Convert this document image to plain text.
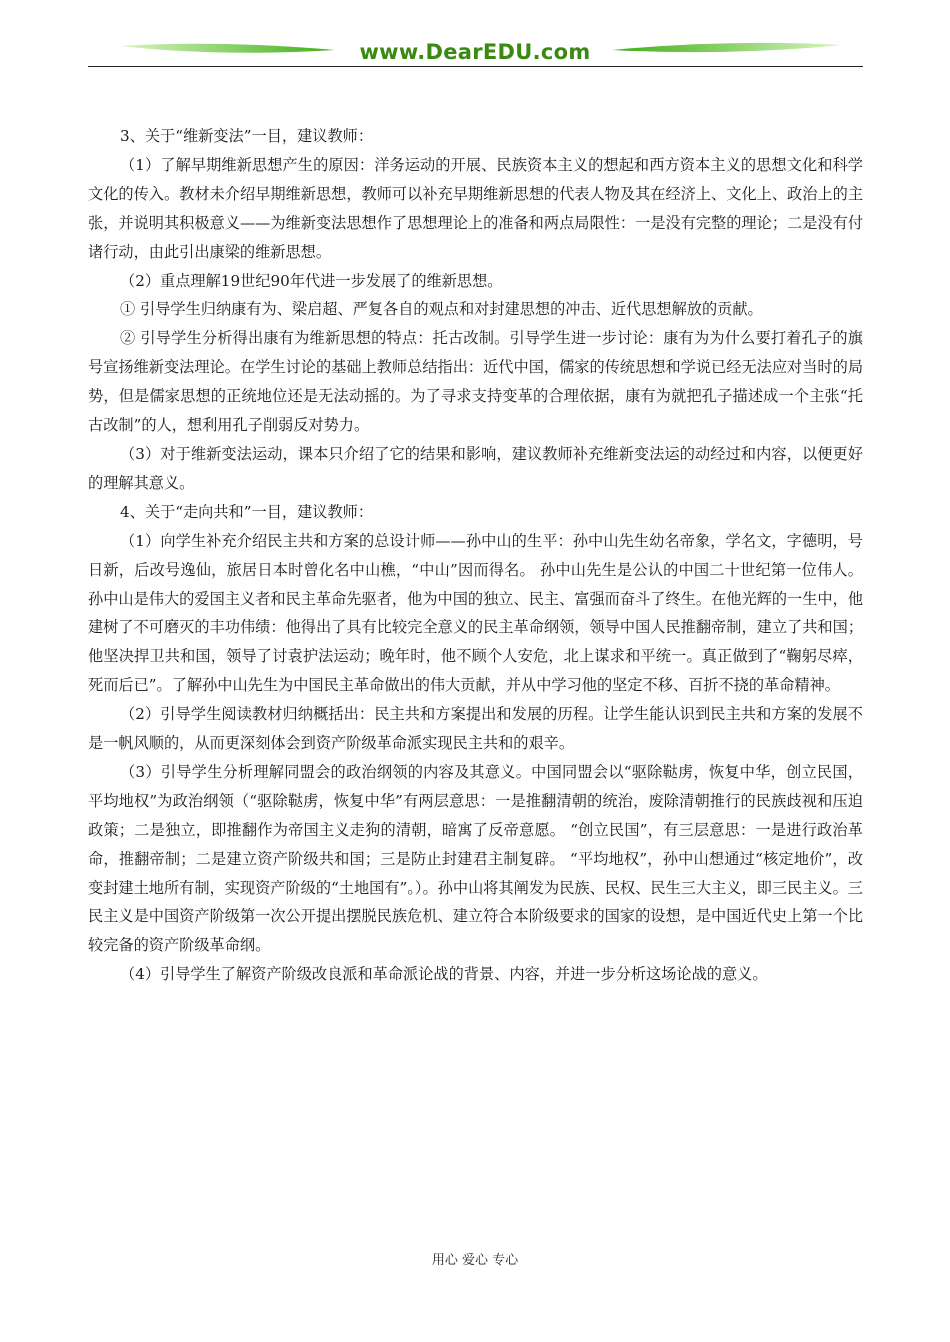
www.DearEDU.com

3、关于“维新变法”一目，建议教师：

（1）了解早期维新思想产生的原因：洋务运动的开展、民族资本主义的想起和西方资本主义的思想文化和科学文化的传入。教材未介绍早期维新思想，教师可以补充早期维新思想的代表人物及其在经济上、文化上、政治上的主张，并说明其积极意义——为维新变法思想作了思想理论上的准备和两点局限性：一是没有完整的理论；二是没有付诸行动，由此引出康梁的维新思想。

（2）重点理解19世纪90年代进一步发展了的维新思想。

① 引导学生归纳康有为、梁启超、严复各自的观点和对封建思想的冲击、近代思想解放的贡献。

② 引导学生分析得出康有为维新思想的特点：托古改制。引导学生进一步讨论：康有为为什么要打着孔子的旗号宣扬维新变法理论。在学生讨论的基础上教师总结指出：近代中国，儒家的传统思想和学说已经无法应对当时的局势，但是儒家思想的正统地位还是无法动摇的。为了寻求支持变革的合理依据，康有为就把孔子描述成一个主张“托古改制”的人，想利用孔子削弱反对势力。

（3）对于维新变法运动，课本只介绍了它的结果和影响，建议教师补充维新变法运的动经过和内容，以便更好的理解其意义。

4、关于“走向共和”一目，建议教师：

（1）向学生补充介绍民主共和方案的总设计师——孙中山的生平：孙中山先生幼名帝象，学名文，字德明，号日新，后改号逸仙，旅居日本时曾化名中山樵，“中山”因而得名。 孙中山先生是公认的中国二十世纪第一位伟人。孙中山是伟大的爱国主义者和民主革命先驱者，他为中国的独立、民主、富强而奋斗了终生。在他光辉的一生中，他建树了不可磨灭的丰功伟绩：他得出了具有比较完全意义的民主革命纲领，领导中国人民推翻帝制，建立了共和国；他坚决捍卫共和国，领导了讨袁护法运动；晚年时，他不顾个人安危，北上谋求和平统一。真正做到了“鞠躬尽瘁，死而后已”。了解孙中山先生为中国民主革命做出的伟大贡献，并从中学习他的坚定不移、百折不挠的革命精神。

（2）引导学生阅读教材归纳概括出：民主共和方案提出和发展的历程。让学生能认识到民主共和方案的发展不是一帆风顺的，从而更深刻体会到资产阶级革命派实现民主共和的艰辛。

（3）引导学生分析理解同盟会的政治纲领的内容及其意义。中国同盟会以“驱除鞑虏，恢复中华，创立民国，平均地权”为政治纲领（“驱除鞑虏，恢复中华”有两层意思：一是推翻清朝的统治，废除清朝推行的民族歧视和压迫政策；二是独立，即推翻作为帝国主义走狗的清朝，暗寓了反帝意愿。 “创立民国”，有三层意思：一是进行政治革命，推翻帝制；二是建立资产阶级共和国；三是防止封建君主制复辟。 “平均地权”，孙中山想通过“核定地价”，改变封建土地所有制，实现资产阶级的“土地国有”。）。孙中山将其阐发为民族、民权、民生三大主义，即三民主义。三民主义是中国资产阶级第一次公开提出摆脱民族危机、建立符合本阶级要求的国家的设想，是中国近代史上第一个比较完备的资产阶级革命纲。

（4）引导学生了解资产阶级改良派和革命派论战的背景、内容，并进一步分析这场论战的意义。

用心 爱心 专心
